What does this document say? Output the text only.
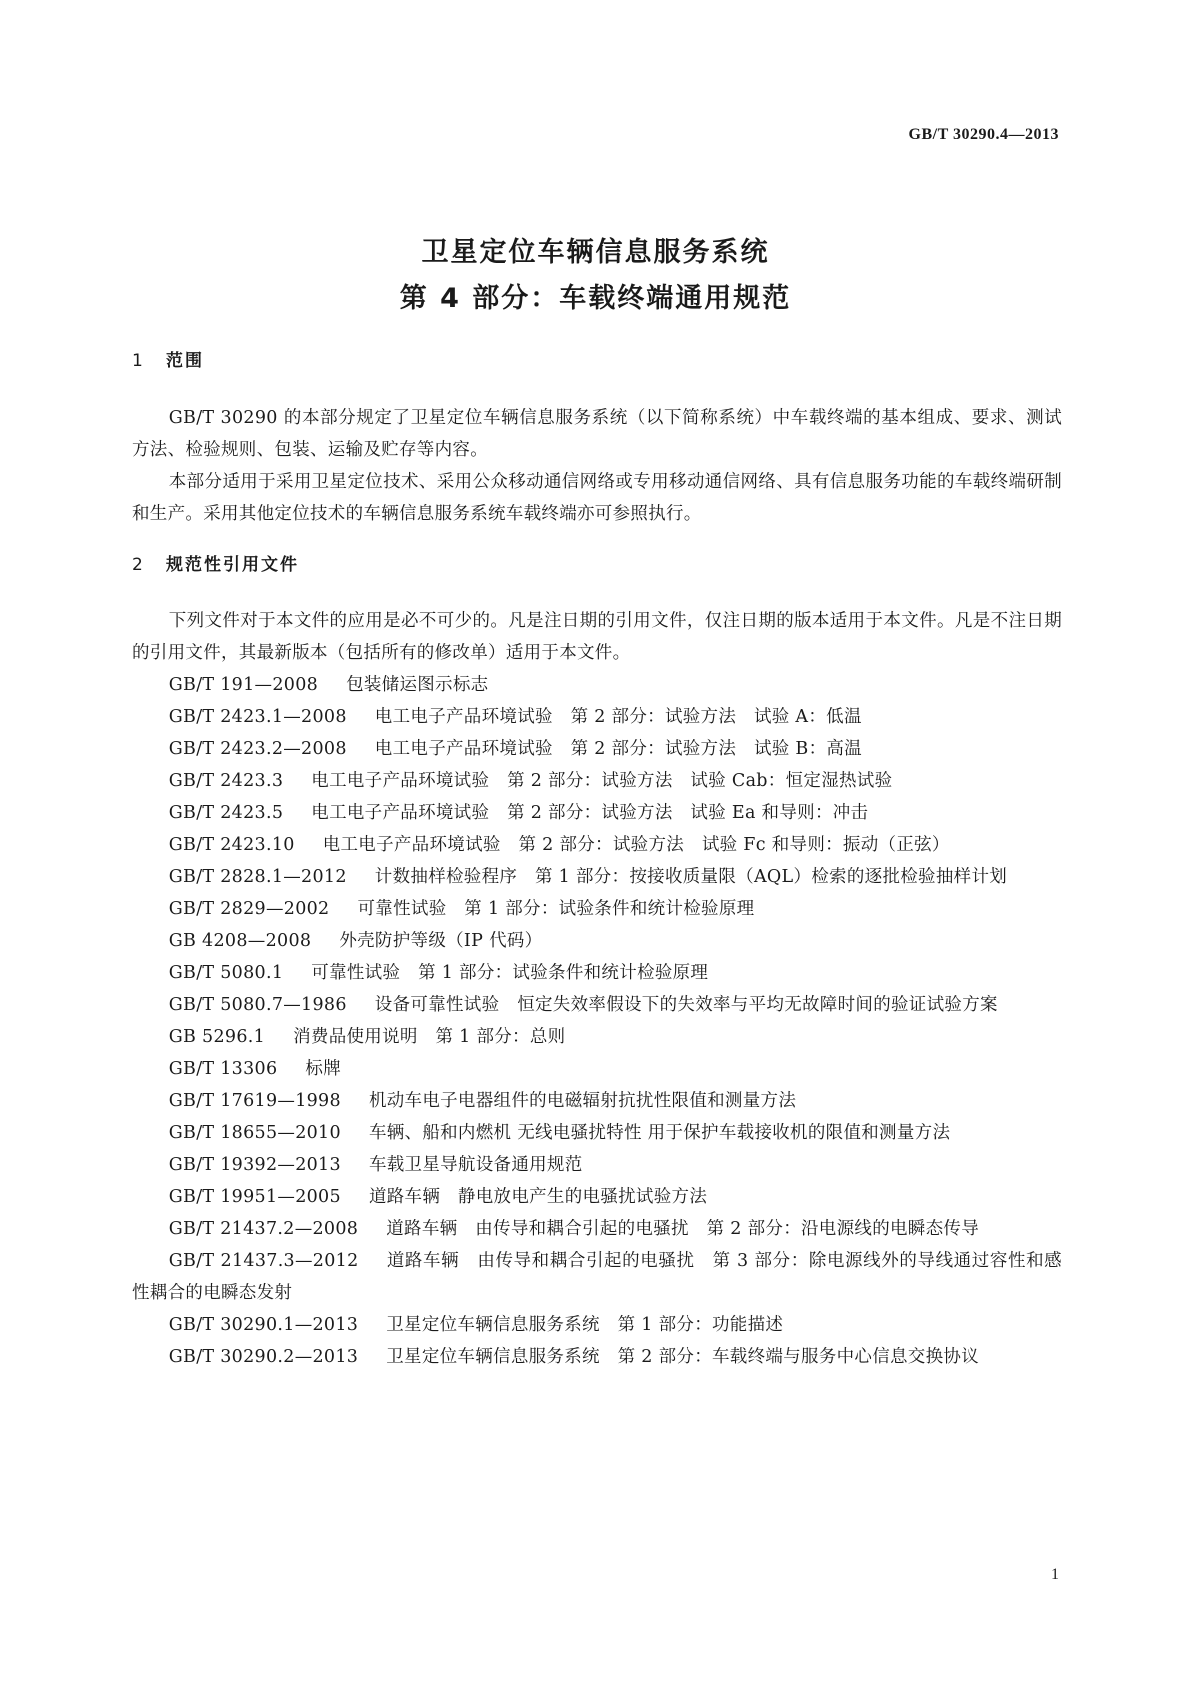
GB/T 30290.4—2013
卫星定位车辆信息服务系统
第 4 部分：车载终端通用规范
1 范围

GB/T 30290 的本部分规定了卫星定位车辆信息服务系统（以下简称系统）中车载终端的基本组成、要求、测试方法、检验规则、包装、运输及贮存等内容。

本部分适用于采用卫星定位技术、采用公众移动通信网络或专用移动通信网络、具有信息服务功能的车载终端研制和生产。采用其他定位技术的车辆信息服务系统车载终端亦可参照执行。

2 规范性引用文件

下列文件对于本文件的应用是必不可少的。凡是注日期的引用文件，仅注日期的版本适用于本文件。凡是不注日期的引用文件，其最新版本（包括所有的修改单）适用于本文件。

GB/T 191—2008 包装储运图示标志

GB/T 2423.1—2008 电工电子产品环境试验　第 2 部分：试验方法　试验 A：低温

GB/T 2423.2—2008 电工电子产品环境试验　第 2 部分：试验方法　试验 B：高温

GB/T 2423.3 电工电子产品环境试验　第 2 部分：试验方法　试验 Cab：恒定湿热试验

GB/T 2423.5 电工电子产品环境试验　第 2 部分：试验方法　试验 Ea 和导则：冲击

GB/T 2423.10 电工电子产品环境试验　第 2 部分：试验方法　试验 Fc 和导则：振动（正弦）

GB/T 2828.1—2012 计数抽样检验程序　第 1 部分：按接收质量限（AQL）检索的逐批检验抽样计划

GB/T 2829—2002 可靠性试验　第 1 部分：试验条件和统计检验原理

GB 4208—2008 外壳防护等级（IP 代码）

GB/T 5080.1 可靠性试验　第 1 部分：试验条件和统计检验原理

GB/T 5080.7—1986 设备可靠性试验　恒定失效率假设下的失效率与平均无故障时间的验证试验方案

GB 5296.1 消费品使用说明　第 1 部分：总则

GB/T 13306 标牌

GB/T 17619—1998 机动车电子电器组件的电磁辐射抗扰性限值和测量方法

GB/T 18655—2010 车辆、船和内燃机 无线电骚扰特性 用于保护车载接收机的限值和测量方法

GB/T 19392—2013 车载卫星导航设备通用规范

GB/T 19951—2005 道路车辆　静电放电产生的电骚扰试验方法

GB/T 21437.2—2008 道路车辆　由传导和耦合引起的电骚扰　第 2 部分：沿电源线的电瞬态传导

GB/T 21437.3—2012 道路车辆　由传导和耦合引起的电骚扰　第 3 部分：除电源线外的导线通过容性和感性耦合的电瞬态发射

GB/T 30290.1—2013 卫星定位车辆信息服务系统　第 1 部分：功能描述

GB/T 30290.2—2013 卫星定位车辆信息服务系统　第 2 部分：车载终端与服务中心信息交换协议

1
